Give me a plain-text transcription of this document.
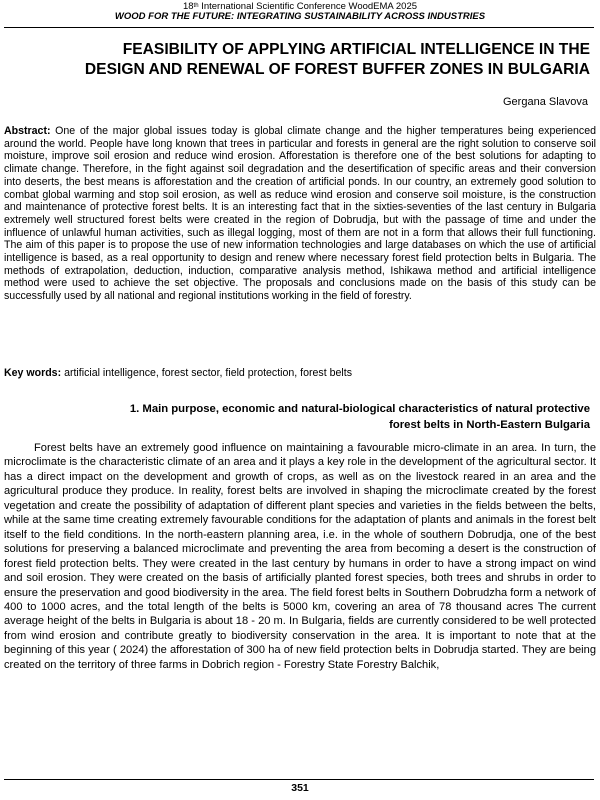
18th International Scientific Conference WoodEMA 2025
WOOD FOR THE FUTURE: INTEGRATING SUSTAINABILITY ACROSS INDUSTRIES
FEASIBILITY OF APPLYING ARTIFICIAL INTELLIGENCE IN THE
DESIGN AND RENEWAL OF FOREST BUFFER ZONES IN BULGARIA
Gergana Slavova

Abstract: One of the major global issues today is global climate change and the higher temperatures being experienced around the world. People have long known that trees in particular and forests in general are the right solution to conserve soil moisture, improve soil erosion and reduce wind erosion. Afforestation is therefore one of the best solutions for adapting to climate change. Therefore, in the fight against soil degradation and the desertification of specific areas and their conversion into deserts, the best means is afforestation and the creation of artificial ponds. In our country, an extremely good solution to combat global warming and stop soil erosion, as well as reduce wind erosion and conserve soil moisture, is the construction and maintenance of protective forest belts. It is an interesting fact that in the sixties-seventies of the last century in Bulgaria extremely well structured forest belts were created in the region of Dobrudja, but with the passage of time and under the influence of unlawful human activities, such as illegal logging, most of them are not in a form that allows their full functioning. The aim of this paper is to propose the use of new information technologies and large databases on which the use of artificial intelligence is based, as a real opportunity to design and renew where necessary forest field protection belts in Bulgaria. The methods of extrapolation, deduction, induction, comparative analysis method, Ishikawa method and artificial intelligence method were used to achieve the set objective. The proposals and conclusions made on the basis of this study can be successfully used by all national and regional institutions working in the field of forestry.

Key words: artificial intelligence, forest sector, field protection, forest belts

1. Main purpose, economic and natural-biological characteristics of natural protective
forest belts in North-Eastern Bulgaria

Forest belts have an extremely good influence on maintaining a favourable micro-climate in an area. In turn, the microclimate is the characteristic climate of an area and it plays a key role in the development of the agricultural sector. It has a direct impact on the development and growth of crops, as well as on the livestock reared in an area and the agricultural produce they produce. In reality, forest belts are involved in shaping the microclimate created by the forest vegetation and create the possibility of adaptation of different plant species and varieties in the fields between the belts, while at the same time creating extremely favourable conditions for the adaptation of plants and animals in the forest belt itself to the field conditions. In the north-eastern planning area, i.e. in the whole of southern Dobrudja, one of the best solutions for preserving a balanced microclimate and preventing the area from becoming a desert is the construction of forest field protection belts. They were created in the last century by humans in order to have a strong impact on wind and soil erosion. They were created on the basis of artificially planted forest species, both trees and shrubs in order to ensure the preservation and good biodiversity in the area. The field forest belts in Southern Dobrudzha form a network of 400 to 1000 acres, and the total length of the belts is 5000 km, covering an area of 78 thousand acres The current average height of the belts in Bulgaria is about 18 - 20 m. In Bulgaria, fields are currently considered to be well protected from wind erosion and contribute greatly to biodiversity conservation in the area. It is important to note that at the beginning of this year ( 2024) the afforestation of 300 ha of new field protection belts in Dobrudja started. They are being created on the territory of three farms in Dobrich region - Forestry State Forestry Balchik,

351
